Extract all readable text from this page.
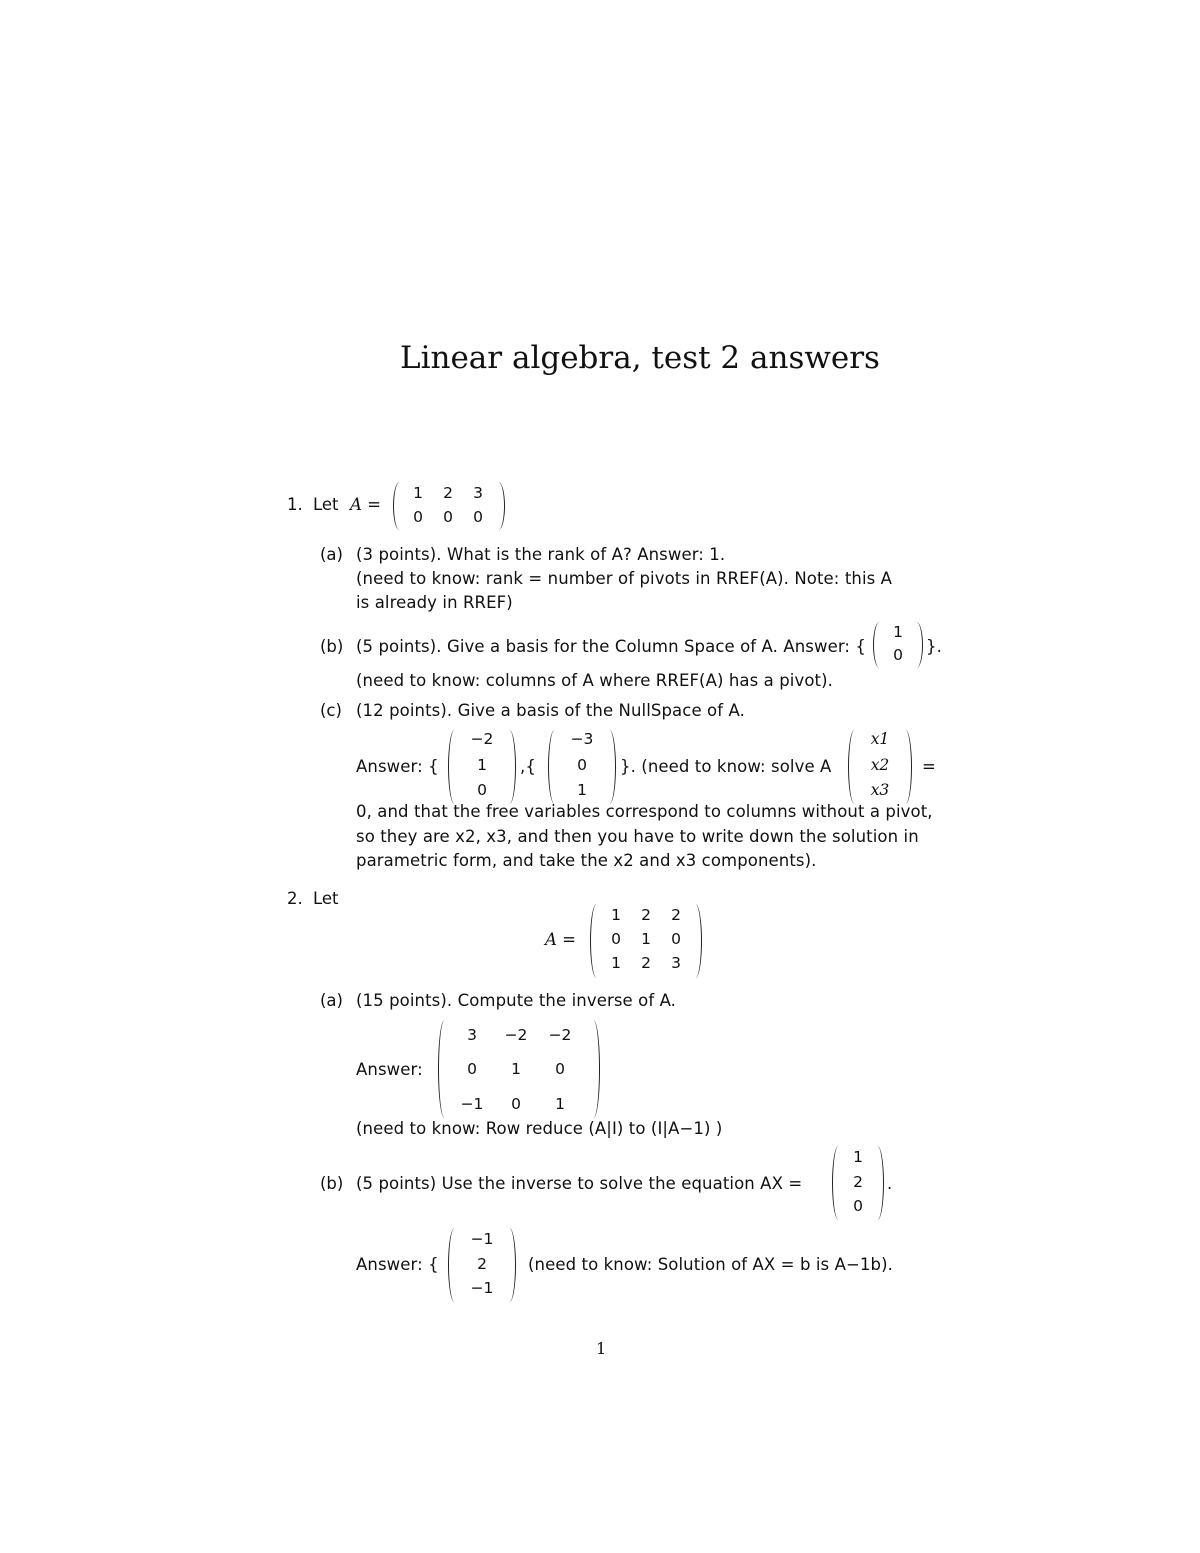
Linear algebra, test 2 answers
1. Let A =
1 2 3
0 0 0
(a) (3 points). What is the rank of A? Answer: 1.
(need to know: rank = number of pivots in RREF(A). Note: this A
is already in RREF)
(b) (5 points). Give a basis for the Column Space of A. Answer: {
1
0 }.
(need to know: columns of A where RREF(A) has a pivot).
(c) (12 points). Give a basis of the NullSpace of A.
Answer: {
−2
1
0
,{
−3
0
1
}. (need to know: solve A
x1
x2
x3
=
0, and that the free variables correspond to columns without a pivot,
so they are x2, x3, and then you have to write down the solution in
parametric form, and take the x2 and x3 components).
2. Let
A =
1	2	2
0	1	0
1	2	3
(a) (15 points). Compute the inverse of A.
Answer:
3	−2 −2
0	1	0
−1	0	1
(need to know: Row reduce (A|I) to (I|A−1) )
(b) (5 points) Use the inverse to solve the equation AX =
1
2
0
.
Answer: {
−1
2
−1
(need to know: Solution of AX = b is A−1b).
1
